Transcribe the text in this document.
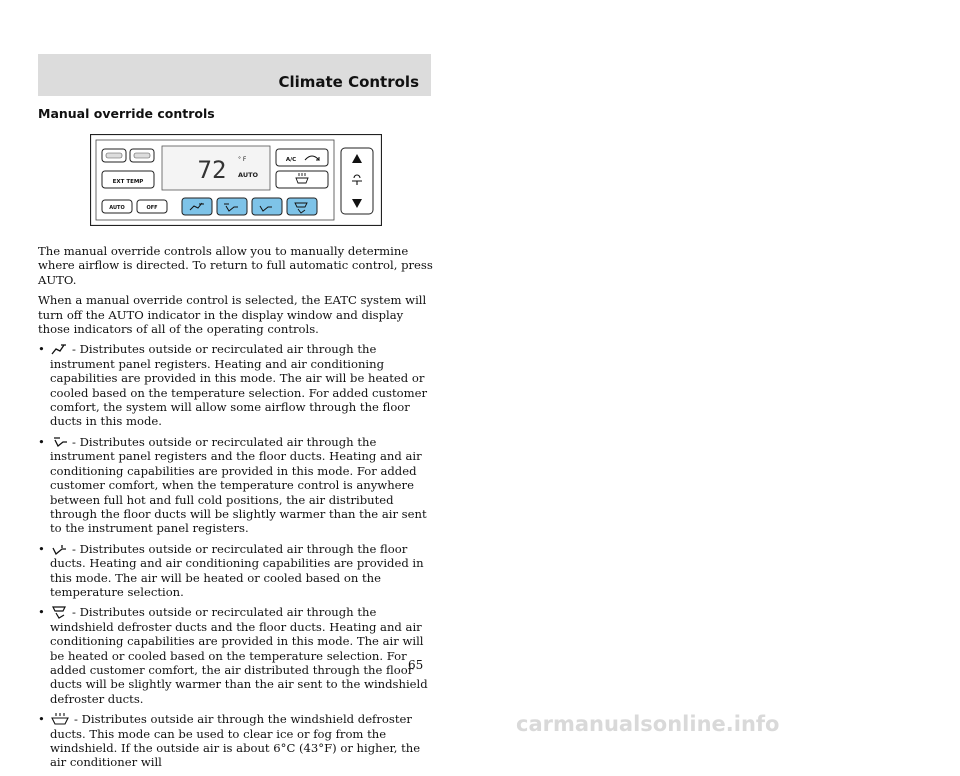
Climate Controls
Manual override controls
EXT TEMP 72 ° F
AUTO
A/C
AUTO	OFF

The manual override controls allow you to manually determine where airflow is directed. To return to full automatic control, press AUTO.

When a manual override control is selected, the EATC system will turn off the AUTO indicator in the display window and display those indicators of all of the operating controls.

• - Distributes outside or recirculated air through the instrument panel registers. Heating and air conditioning capabilities are provided in this mode. The air will be heated or cooled based on the temperature selection. For added customer comfort, the system will allow some airflow through the floor ducts in this mode.
• - Distributes outside or recirculated air through the instrument panel registers and the floor ducts. Heating and air conditioning capabilities are provided in this mode. For added customer comfort, when the temperature control is anywhere between full hot and full cold positions, the air distributed through the floor ducts will be slightly warmer than the air sent to the instrument panel registers.
• - Distributes outside or recirculated air through the floor ducts. Heating and air conditioning capabilities are provided in this mode. The air will be heated or cooled based on the temperature selection.
• - Distributes outside or recirculated air through the windshield defroster ducts and the floor ducts. Heating and air conditioning capabilities are provided in this mode. The air will be heated or cooled based on the temperature selection. For added customer comfort, the air distributed through the floor ducts will be slightly warmer than the air sent to the windshield defroster ducts.
•	- Distributes outside air through the windshield defroster ducts. This mode can be used to clear ice or fog from the windshield. If the outside air is about 6°C (43°F) or higher, the air conditioner will
65
carmanualsonline.info
